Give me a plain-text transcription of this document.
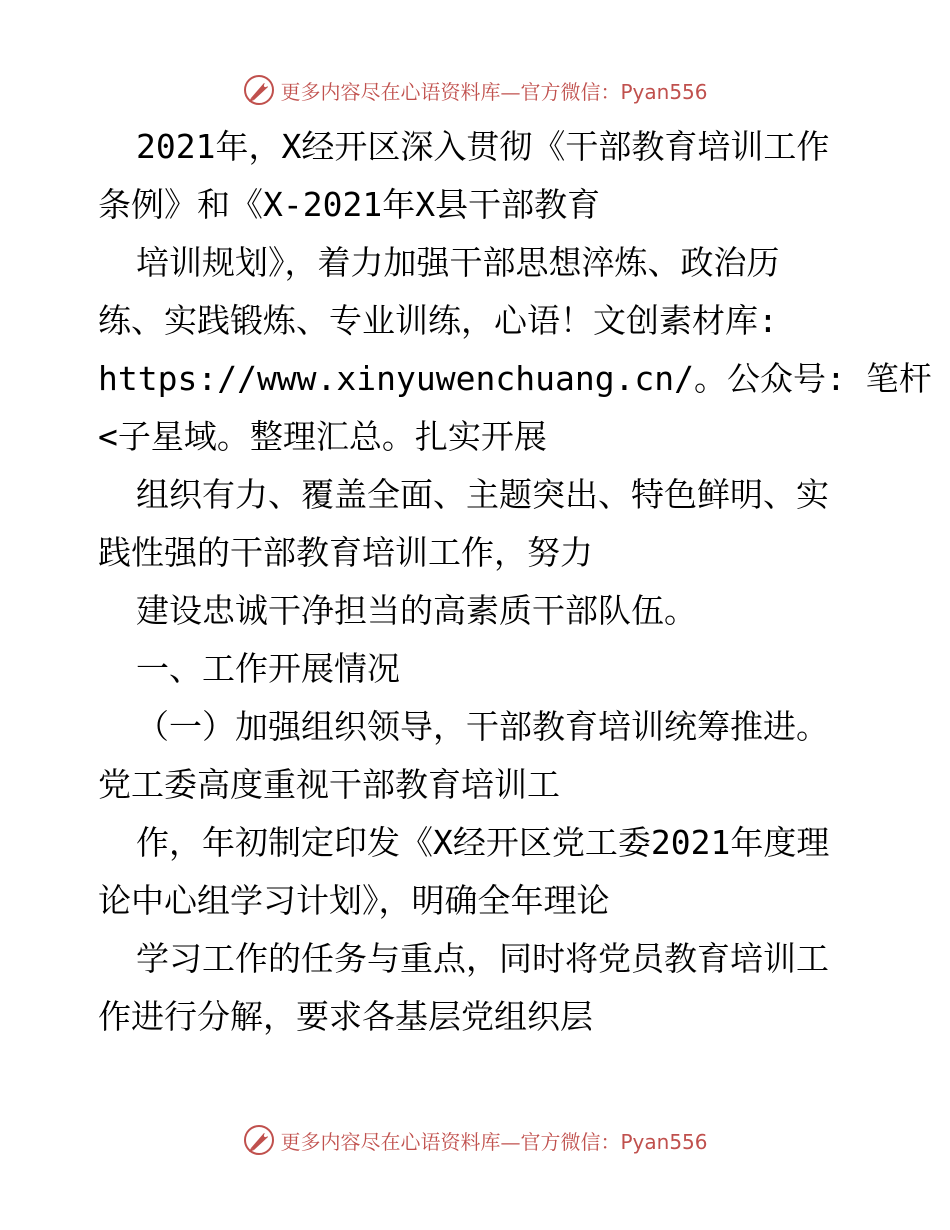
更多内容尽在心语资料库—官方微信：Pyan556

2021年，X经开区深入贯彻《干部教育培训工作

条例》和《X-2021年X县干部教育

培训规划》，着力加强干部思想淬炼、政治历

练、实践锻炼、专业训练，心语！文创素材库:

https://www.xinyuwenchuang.cn/。公众号: 笔杆

<子星域。整理汇总。扎实开展

组织有力、覆盖全面、主题突出、特色鲜明、实

践性强的干部教育培训工作，努力

建设忠诚干净担当的高素质干部队伍。

一、工作开展情况

（一）加强组织领导，干部教育培训统筹推进。

党工委高度重视干部教育培训工

作，年初制定印发《X经开区党工委2021年度理

论中心组学习计划》，明确全年理论

学习工作的任务与重点，同时将党员教育培训工

作进行分解，要求各基层党组织层

更多内容尽在心语资料库—官方微信：Pyan556
